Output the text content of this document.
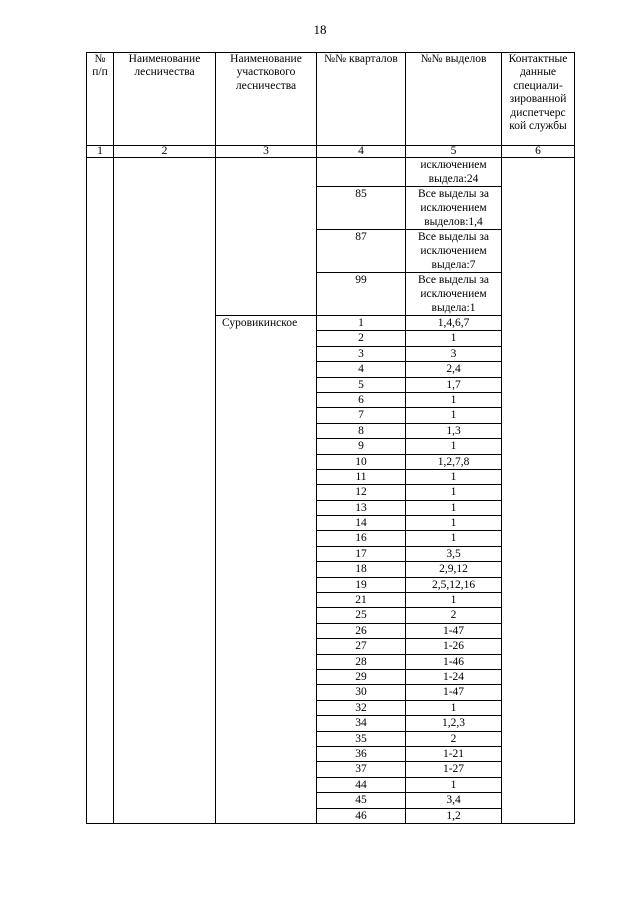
18
№ п/п	Наименование лесничества	Наименование участкового лесничества	№№ кварталов	№№ выделов	Контактные данные специали-зированной диспетчерс кой службы
1	2	3	4	5	6
				исключением выдела:24	
			85	Все выделы за исключением выделов:1,4	
			87	Все выделы за исключением выдела:7	
			99	Все выделы за исключением выдела:1	
		Суровикинское	1	1,4,6,7	
			2	1	
			3	3	
			4	2,4	
			5	1,7	
			6	1	
			7	1	
			8	1,3	
			9	1	
			10	1,2,7,8	
			11	1	
			12	1	
			13	1	
			14	1	
			16	1	
			17	3,5	
			18	2,9,12	
			19	2,5,12,16	
			21	1	
			25	2	
			26	1-47	
			27	1-26	
			28	1-46	
			29	1-24	
			30	1-47	
			32	1	
			34	1,2,3	
			35	2	
			36	1-21	
			37	1-27	
			44	1	
			45	3,4	
			46	1,2	
